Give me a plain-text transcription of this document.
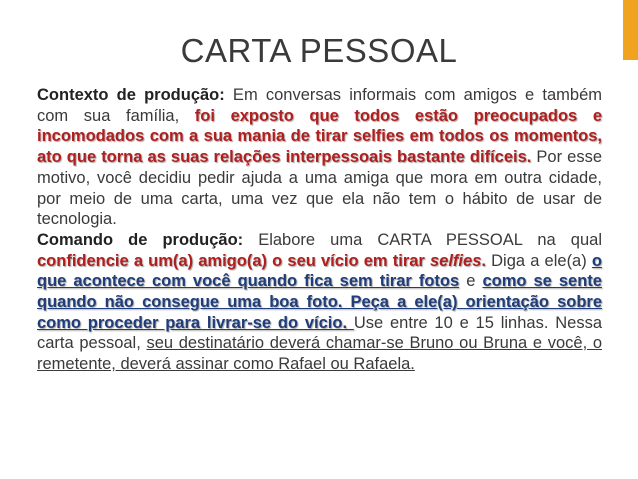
CARTA PESSOAL

Contexto de produção: Em conversas informais com amigos e também com sua família, foi exposto que todos estão preocupados e incomodados com a sua mania de tirar selfies em todos os momentos, ato que torna as suas relações interpessoais bastante difíceis. Por esse motivo, você decidiu pedir ajuda a uma amiga que mora em outra cidade, por meio de uma carta, uma vez que ela não tem o hábito de usar de tecnologia.

Comando de produção: Elabore uma CARTA PESSOAL na qual confidencie a um(a) amigo(a) o seu vício em tirar selfies. Diga a ele(a) o que acontece com você quando fica sem tirar fotos e como se sente quando não consegue uma boa foto. Peça a ele(a) orientação sobre como proceder para livrar-se do vício. Use entre 10 e 15 linhas. Nessa carta pessoal, seu destinatário deverá chamar-se Bruno ou Bruna e você, o remetente, deverá assinar como Rafael ou Rafaela.
